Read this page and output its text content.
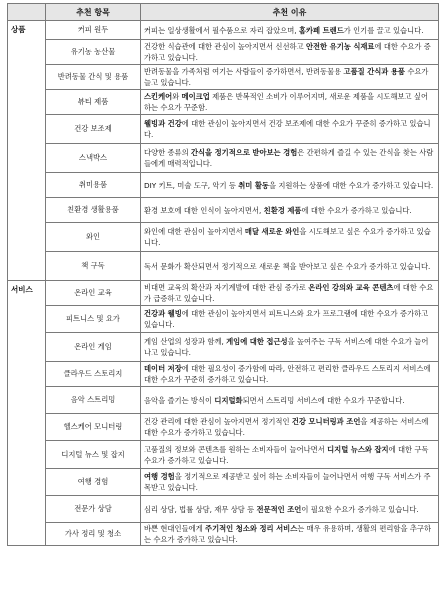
	추천 항목	추천 이유
상품	커피 원두	커피는 일상생활에서 필수품으로 자리 잡았으며, 홈카페 트렌드가 인기를 끌고 있습니다.
	유기농 농산물	건강한 식습관에 대한 관심이 높아지면서 신선하고 안전한 유기농 식재료에 대한 수요가 증가하고 있습니다.
	반려동물 간식 및 용품	반려동물을 가족처럼 여기는 사람들이 증가하면서, 반려동물용 고품질 간식과 용품 수요가 늘고 있습니다.
	뷰티 제품	스킨케어와 메이크업 제품은 반복적인 소비가 이루어지며, 새로운 제품을 시도해보고 싶어하는 수요가 꾸준함.
	건강 보조제	웰빙과 건강에 대한 관심이 높아지면서 건강 보조제에 대한 수요가 꾸준히 증가하고 있습니다.
	스낵박스	다양한 종류의 간식을 정기적으로 받아보는 경험은 간편하게 즐길 수 있는 간식을 찾는 사람들에게 매력적입니다.
	취미용품	DIY 키트, 미술 도구, 악기 등 취미 활동을 지원하는 상품에 대한 수요가 증가하고 있습니다.
	친환경 생활용품	환경 보호에 대한 인식이 높아지면서, 친환경 제품에 대한 수요가 증가하고 있습니다.
	와인	와인에 대한 관심이 높아지면서 매달 새로운 와인을 시도해보고 싶은 수요가 증가하고 있습니다.
	책 구독	독서 문화가 확산되면서 정기적으로 새로운 책을 받아보고 싶은 수요가 증가하고 있습니다.
서비스	온라인 교육	비대면 교육의 확산과 자기계발에 대한 관심 증가로 온라인 강의와 교육 콘텐츠에 대한 수요가 급증하고 있습니다.
	피트니스 및 요가	건강과 웰빙에 대한 관심이 높아지면서 피트니스와 요가 프로그램에 대한 수요가 증가하고 있습니다.
	온라인 게임	게임 산업의 성장과 함께, 게임에 대한 접근성을 높여주는 구독 서비스에 대한 수요가 늘어나고 있습니다.
	클라우드 스토리지	데이터 저장에 대한 필요성이 증가함에 따라, 안전하고 편리한 클라우드 스토리지 서비스에 대한 수요가 꾸준히 증가하고 있습니다.
	음악 스트리밍	음악을 즐기는 방식이 디지털화되면서 스트리밍 서비스에 대한 수요가 꾸준합니다.
	헬스케어 모니터링	건강 관리에 대한 관심이 높아지면서 정기적인 건강 모니터링과 조언을 제공하는 서비스에 대한 수요가 증가하고 있습니다.
	디지털 뉴스 및 잡지	고품질의 정보와 콘텐츠를 원하는 소비자들이 늘어나면서 디지털 뉴스와 잡지에 대한 구독 수요가 증가하고 있습니다.
	여행 경험	여행 경험을 정기적으로 제공받고 싶어 하는 소비자들이 늘어나면서 여행 구독 서비스가 주목받고 있습니다.
	전문가 상담	심리 상담, 법률 상담, 재무 상담 등 전문적인 조언이 필요한 수요가 증가하고 있습니다.
	가사 정리 및 청소	바쁜 현대인들에게 주기적인 청소와 정리 서비스는 매우 유용하며, 생활의 편리함을 추구하는 수요가 증가하고 있습니다.
